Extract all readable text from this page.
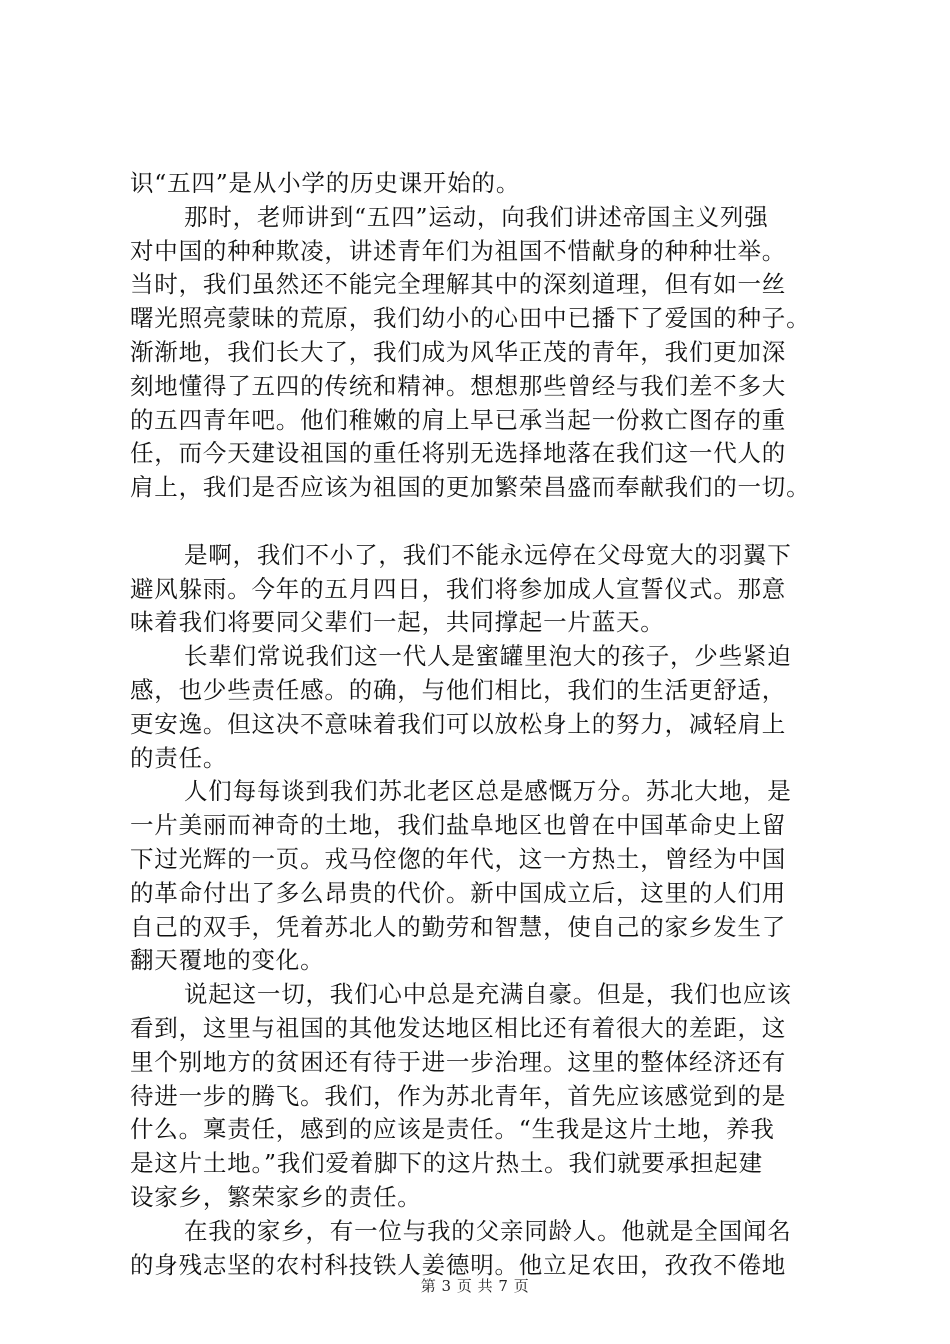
识“五四”是从小学的历史课开始的。
那时，老师讲到“五四”运动，向我们讲述帝国主义列强
对中国的种种欺凌，讲述青年们为祖国不惜献身的种种壮举。
当时，我们虽然还不能完全理解其中的深刻道理，但有如一丝
曙光照亮蒙昧的荒原，我们幼小的心田中已播下了爱国的种子。
渐渐地，我们长大了，我们成为风华正茂的青年，我们更加深
刻地懂得了五四的传统和精神。想想那些曾经与我们差不多大
的五四青年吧。他们稚嫩的肩上早已承当起一份救亡图存的重
任，而今天建设祖国的重任将别无选择地落在我们这一代人的
肩上，我们是否应该为祖国的更加繁荣昌盛而奉献我们的一切。
是啊，我们不小了，我们不能永远停在父母宽大的羽翼下
避风躲雨。今年的五月四日，我们将参加成人宣誓仪式。那意
味着我们将要同父辈们一起，共同撑起一片蓝天。
长辈们常说我们这一代人是蜜罐里泡大的孩子，少些紧迫
感，也少些责任感。的确，与他们相比，我们的生活更舒适，
更安逸。但这决不意味着我们可以放松身上的努力，减轻肩上
的责任。
人们每每谈到我们苏北老区总是感慨万分。苏北大地，是
一片美丽而神奇的土地，我们盐阜地区也曾在中国革命史上留
下过光辉的一页。戎马倥偬的年代，这一方热土，曾经为中国
的革命付出了多么昂贵的代价。新中国成立后，这里的人们用
自己的双手，凭着苏北人的勤劳和智慧，使自己的家乡发生了
翻天覆地的变化。
说起这一切，我们心中总是充满自豪。但是，我们也应该
看到，这里与祖国的其他发达地区相比还有着很大的差距，这
里个别地方的贫困还有待于进一步治理。这里的整体经济还有
待进一步的腾飞。我们，作为苏北青年，首先应该感觉到的是
什么。稟责任，感到的应该是责任。“生我是这片土地，养我
是这片土地。”我们爱着脚下的这片热土。我们就要承担起建
设家乡，繁荣家乡的责任。
在我的家乡，有一位与我的父亲同龄人。他就是全国闻名
的身残志坚的农村科技铁人姜德明。他立足农田，孜孜不倦地
第 3 页 共 7 页
